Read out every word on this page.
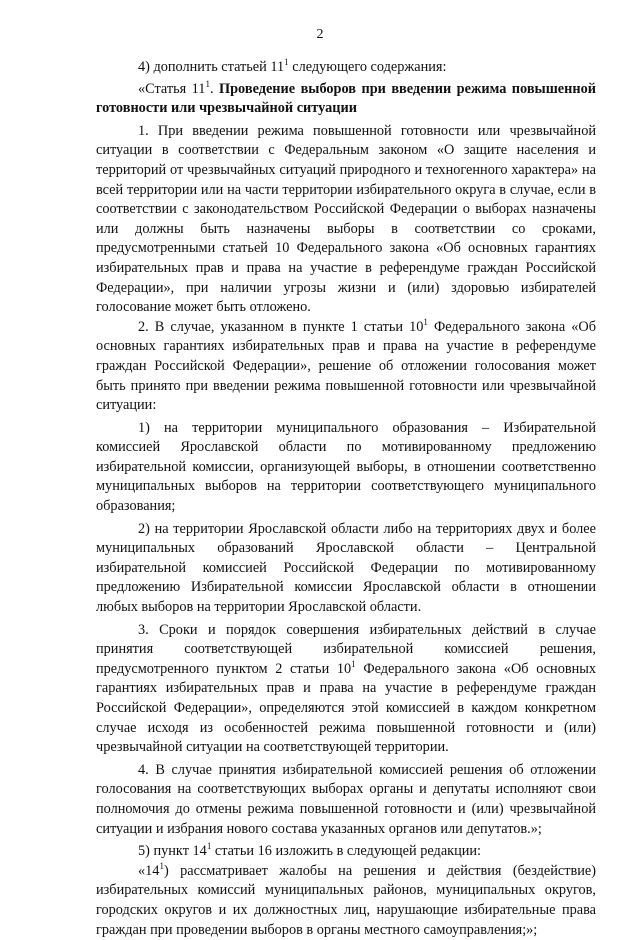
2

4) дополнить статьей $11^1$ следующего содержания:

«Статья $11^1$. Проведение выборов при введении режима повышенной готовности или чрезвычайной ситуации

1. При введении режима повышенной готовности или чрезвычайной ситуации в соответствии с Федеральным законом «О защите населения и территорий от чрезвычайных ситуаций природного и техногенного характера» на всей территории или на части территории избирательного округа в случае, если в соответствии с законодательством Российской Федерации о выборах назначены или должны быть назначены выборы в соответствии со сроками, предусмотренными статьей 10 Федерального закона «Об основных гарантиях избирательных прав и права на участие в референдуме граждан Российской Федерации», при наличии угрозы жизни и (или) здоровью избирателей голосование может быть отложено.

2. В случае, указанном в пункте 1 статьи $10^1$ Федерального закона «Об основных гарантиях избирательных прав и права на участие в референдуме граждан Российской Федерации», решение об отложении голосования может быть принято при введении режима повышенной готовности или чрезвычайной ситуации:

1) на территории муниципального образования – Избирательной комиссией Ярославской области по мотивированному предложению избирательной комиссии, организующей выборы, в отношении соответственно муниципальных выборов на территории соответствующего муниципального образования;

2) на территории Ярославской области либо на территориях двух и более муниципальных образований Ярославской области – Центральной избирательной комиссией Российской Федерации по мотивированному предложению Избирательной комиссии Ярославской области в отношении любых выборов на территории Ярославской области.

3. Сроки и порядок совершения избирательных действий в случае принятия соответствующей избирательной комиссией решения, предусмотренного пунктом 2 статьи $10^1$ Федерального закона «Об основных гарантиях избирательных прав и права на участие в референдуме граждан Российской Федерации», определяются этой комиссией в каждом конкретном случае исходя из особенностей режима повышенной готовности и (или) чрезвычайной ситуации на соответствующей территории.

4. В случае принятия избирательной комиссией решения об отложении голосования на соответствующих выборах органы и депутаты исполняют свои полномочия до отмены режима повышенной готовности и (или) чрезвычайной ситуации и избрания нового состава указанных органов или депутатов.»;

5) пункт $14^1$ статьи 16 изложить в следующей редакции:

«$14^1$) рассматривает жалобы на решения и действия (бездействие) избирательных комиссий муниципальных районов, муниципальных округов, городских округов и их должностных лиц, нарушающие избирательные права граждан при проведении выборов в органы местного самоуправления;»;
